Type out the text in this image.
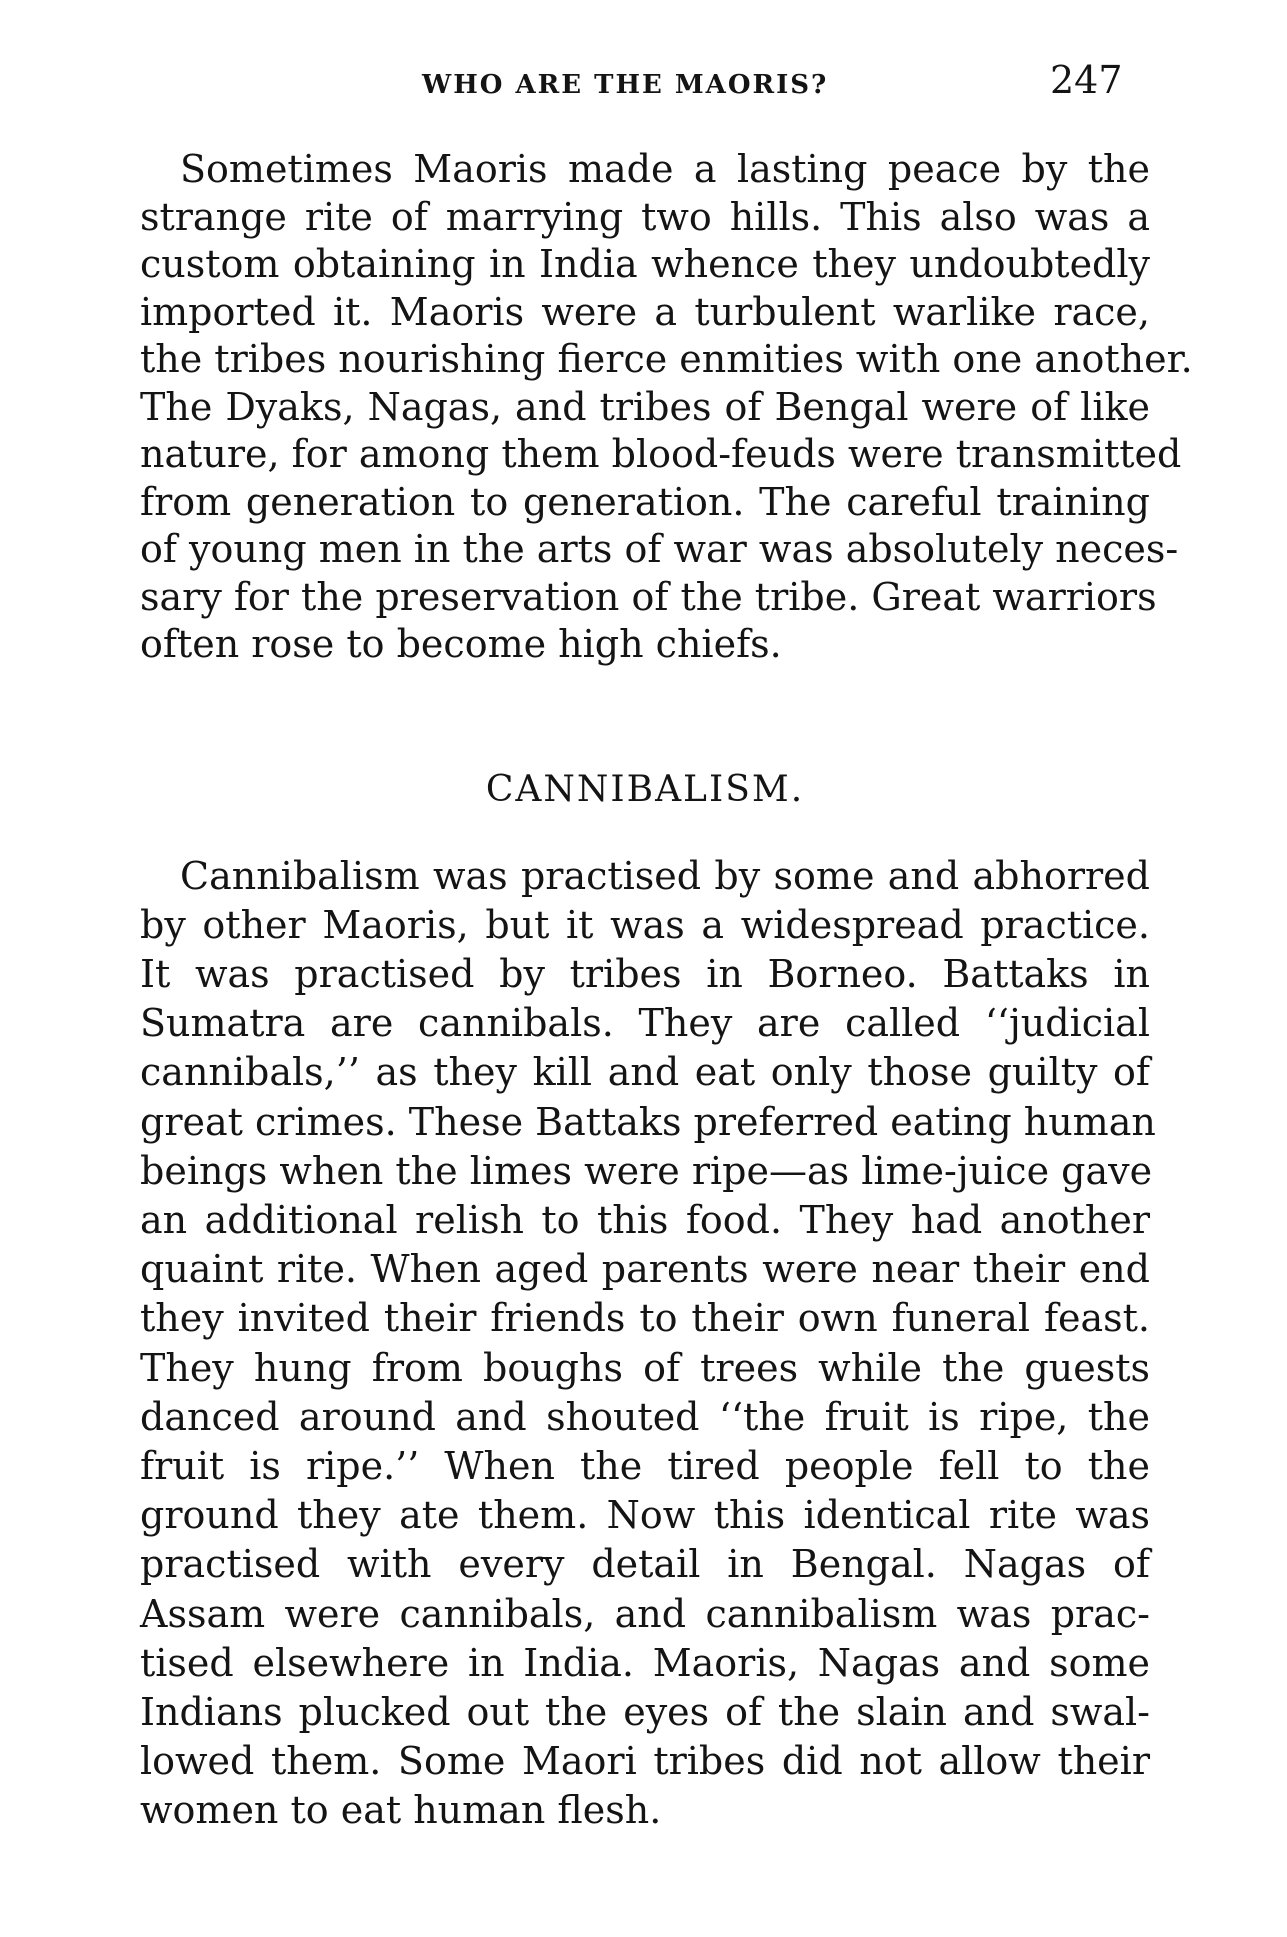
WHO ARE THE MAORIS?	247
Sometimes Maoris made a lasting peace by the
strange rite of marrying two hills. This also was a
custom obtaining in India whence they undoubtedly
imported it. Maoris were a turbulent warlike race,
the tribes nourishing fierce enmities with one another.
The Dyaks, Nagas, and tribes of Bengal were of like
nature, for among them blood-feuds were transmitted
from generation to generation. The careful training
of young men in the arts of war was absolutely neces-
sary for the preservation of the tribe. Great warriors
often rose to become high chiefs.
CANNIBALISM.
Cannibalism was practised by some and abhorred
by other Maoris, but it was a widespread practice.
It was practised by tribes in Borneo. Battaks in
Sumatra are cannibals. They are called ‘‘judicial
cannibals,’’ as they kill and eat only those guilty of
great crimes. These Battaks preferred eating human
beings when the limes were ripe—as lime-juice gave
an additional relish to this food. They had another
quaint rite. When aged parents were near their end
they invited their friends to their own funeral feast.
They hung from boughs of trees while the guests
danced around and shouted ‘‘the fruit is ripe, the
fruit is ripe.’’ When the tired people fell to the
ground they ate them. Now this identical rite was
practised with every detail in Bengal. Nagas of
Assam were cannibals, and cannibalism was prac-
tised elsewhere in India. Maoris, Nagas and some
Indians plucked out the eyes of the slain and swal-
lowed them. Some Maori tribes did not allow their
women to eat human flesh.
